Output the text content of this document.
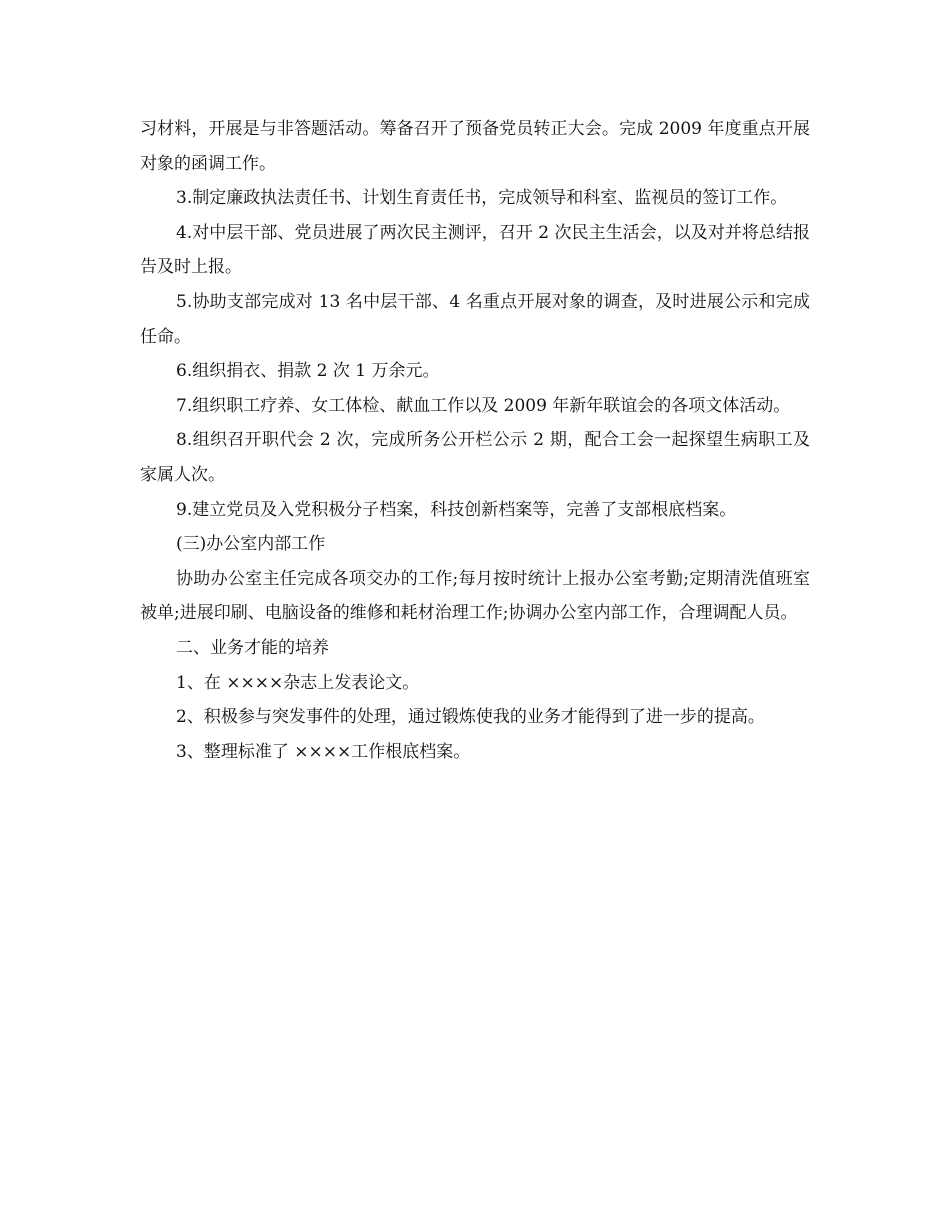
习材料，开展是与非答题活动。筹备召开了预备党员转正大会。完成 2009 年度重点开展对象的函调工作。

3.制定廉政执法责任书、计划生育责任书，完成领导和科室、监视员的签订工作。

4.对中层干部、党员进展了两次民主测评，召开 2 次民主生活会，以及对并将总结报告及时上报。

5.协助支部完成对 13 名中层干部、4 名重点开展对象的调查，及时进展公示和完成任命。

6.组织捐衣、捐款 2 次 1 万余元。

7.组织职工疗养、女工体检、献血工作以及 2009 年新年联谊会的各项文体活动。

8.组织召开职代会 2 次，完成所务公开栏公示 2 期，配合工会一起探望生病职工及家属人次。

9.建立党员及入党积极分子档案，科技创新档案等，完善了支部根底档案。

(三)办公室内部工作

协助办公室主任完成各项交办的工作;每月按时统计上报办公室考勤;定期清洗值班室被单;进展印刷、电脑设备的维修和耗材治理工作;协调办公室内部工作，合理调配人员。

二、业务才能的培养

1、在 ××××杂志上发表论文。

2、积极参与突发事件的处理，通过锻炼使我的业务才能得到了进一步的提高。

3、整理标准了 ××××工作根底档案。
